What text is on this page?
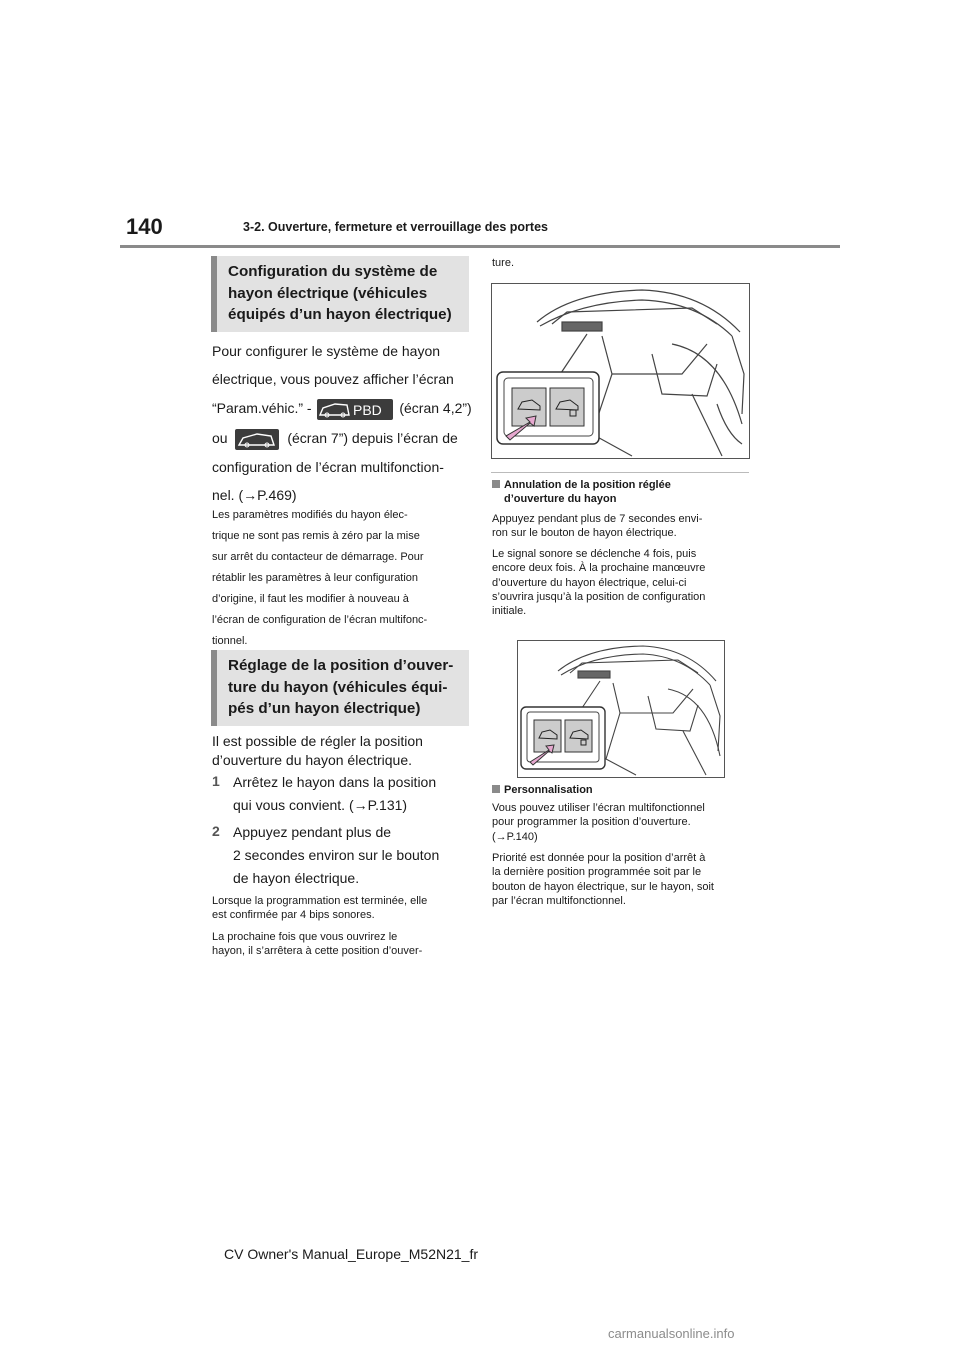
140	3-2. Ouverture, fermeture et verrouillage des portes
Configuration du système de
hayon électrique (véhicules
équipés d’un hayon électrique)
Pour configurer le système de hayon
électrique, vous pouvez afficher l’écran
“Param.véhic.” -	PBD (écran 4,2”)
ou	(écran 7”) depuis l’écran de
configuration de l’écran multifonction-
nel. (→P.469)
Les paramètres modifiés du hayon élec-
trique ne sont pas remis à zéro par la mise
sur arrêt du contacteur de démarrage. Pour
rétablir les paramètres à leur configuration
d’origine, il faut les modifier à nouveau à
l’écran de configuration de l’écran multifonc-
tionnel.
Réglage de la position d’ouver-
ture du hayon (véhicules équi-
pés d’un hayon électrique)
Il est possible de régler la position
d’ouverture du hayon électrique.
1 Arrêtez le hayon dans la position
qui vous convient. (→P.131)
2 Appuyez pendant plus de
2 secondes environ sur le bouton
de hayon électrique.
Lorsque la programmation est terminée, elle
est confirmée par 4 bips sonores.
La prochaine fois que vous ouvrirez le
hayon, il s’arrêtera à cette position d’ouver-
ture.
Annulation de la position réglée
d’ouverture du hayon
Appuyez pendant plus de 7 secondes envi-
ron sur le bouton de hayon électrique.
Le signal sonore se déclenche 4 fois, puis
encore deux fois. À la prochaine manœuvre
d’ouverture du hayon électrique, celui-ci
s’ouvrira jusqu’à la position de configuration
initiale.
Personnalisation
Vous pouvez utiliser l’écran multifonctionnel
pour programmer la position d’ouverture.
(→P.140)
Priorité est donnée pour la position d’arrêt à
la dernière position programmée soit par le
bouton de hayon électrique, sur le hayon, soit
par l’écran multifonctionnel.
CV Owner's Manual_Europe_M52N21_fr
carmanualsonline.info
